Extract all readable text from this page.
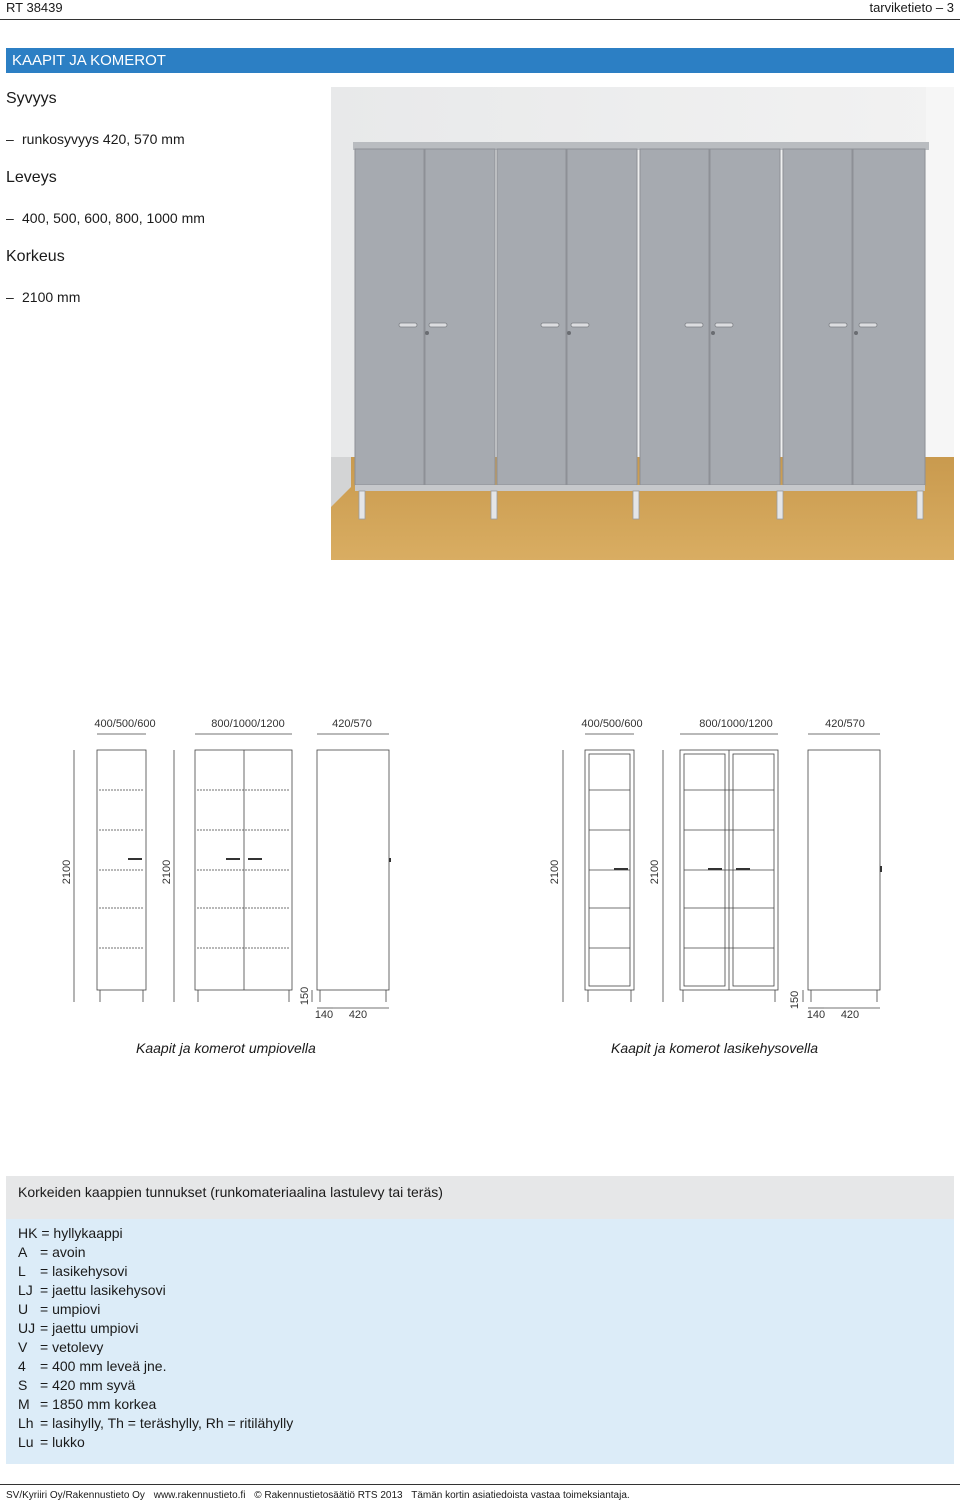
RT 38439	tarviketieto – 3
KAAPIT JA KOMEROT
Syvyys
– runkosyvyys 420, 570 mm
Leveys
– 400, 500, 600, 800, 1000 mm
Korkeus
– 2100 mm
400/500/600	800/1000/1200	420/570
2100	2100
150
140 420
400/500/600	800/1000/1200	420/570
2100	2100
150
140 420
Kaapit ja komerot umpiovella	Kaapit ja komerot lasikehysovella
Korkeiden kaappien tunnukset (runkomateriaalina lastulevy tai teräs)
HK = hyllykaappi
A = avoin
L = lasikehysovi
LJ = jaettu lasikehysovi
U = umpiovi
UJ = jaettu umpiovi
V = vetolevy
4 = 400 mm leveä jne.
S = 420 mm syvä
M = 1850 mm korkea
Lh = lasihylly, Th = teräshylly, Rh = ritilähylly
Lu = lukko
SV/Kyriiri Oy/Rakennustieto Oy www.rakennustieto.fi © Rakennustietosäätiö RTS 2013 Tämän kortin asiatiedoista vastaa toimeksiantaja.
